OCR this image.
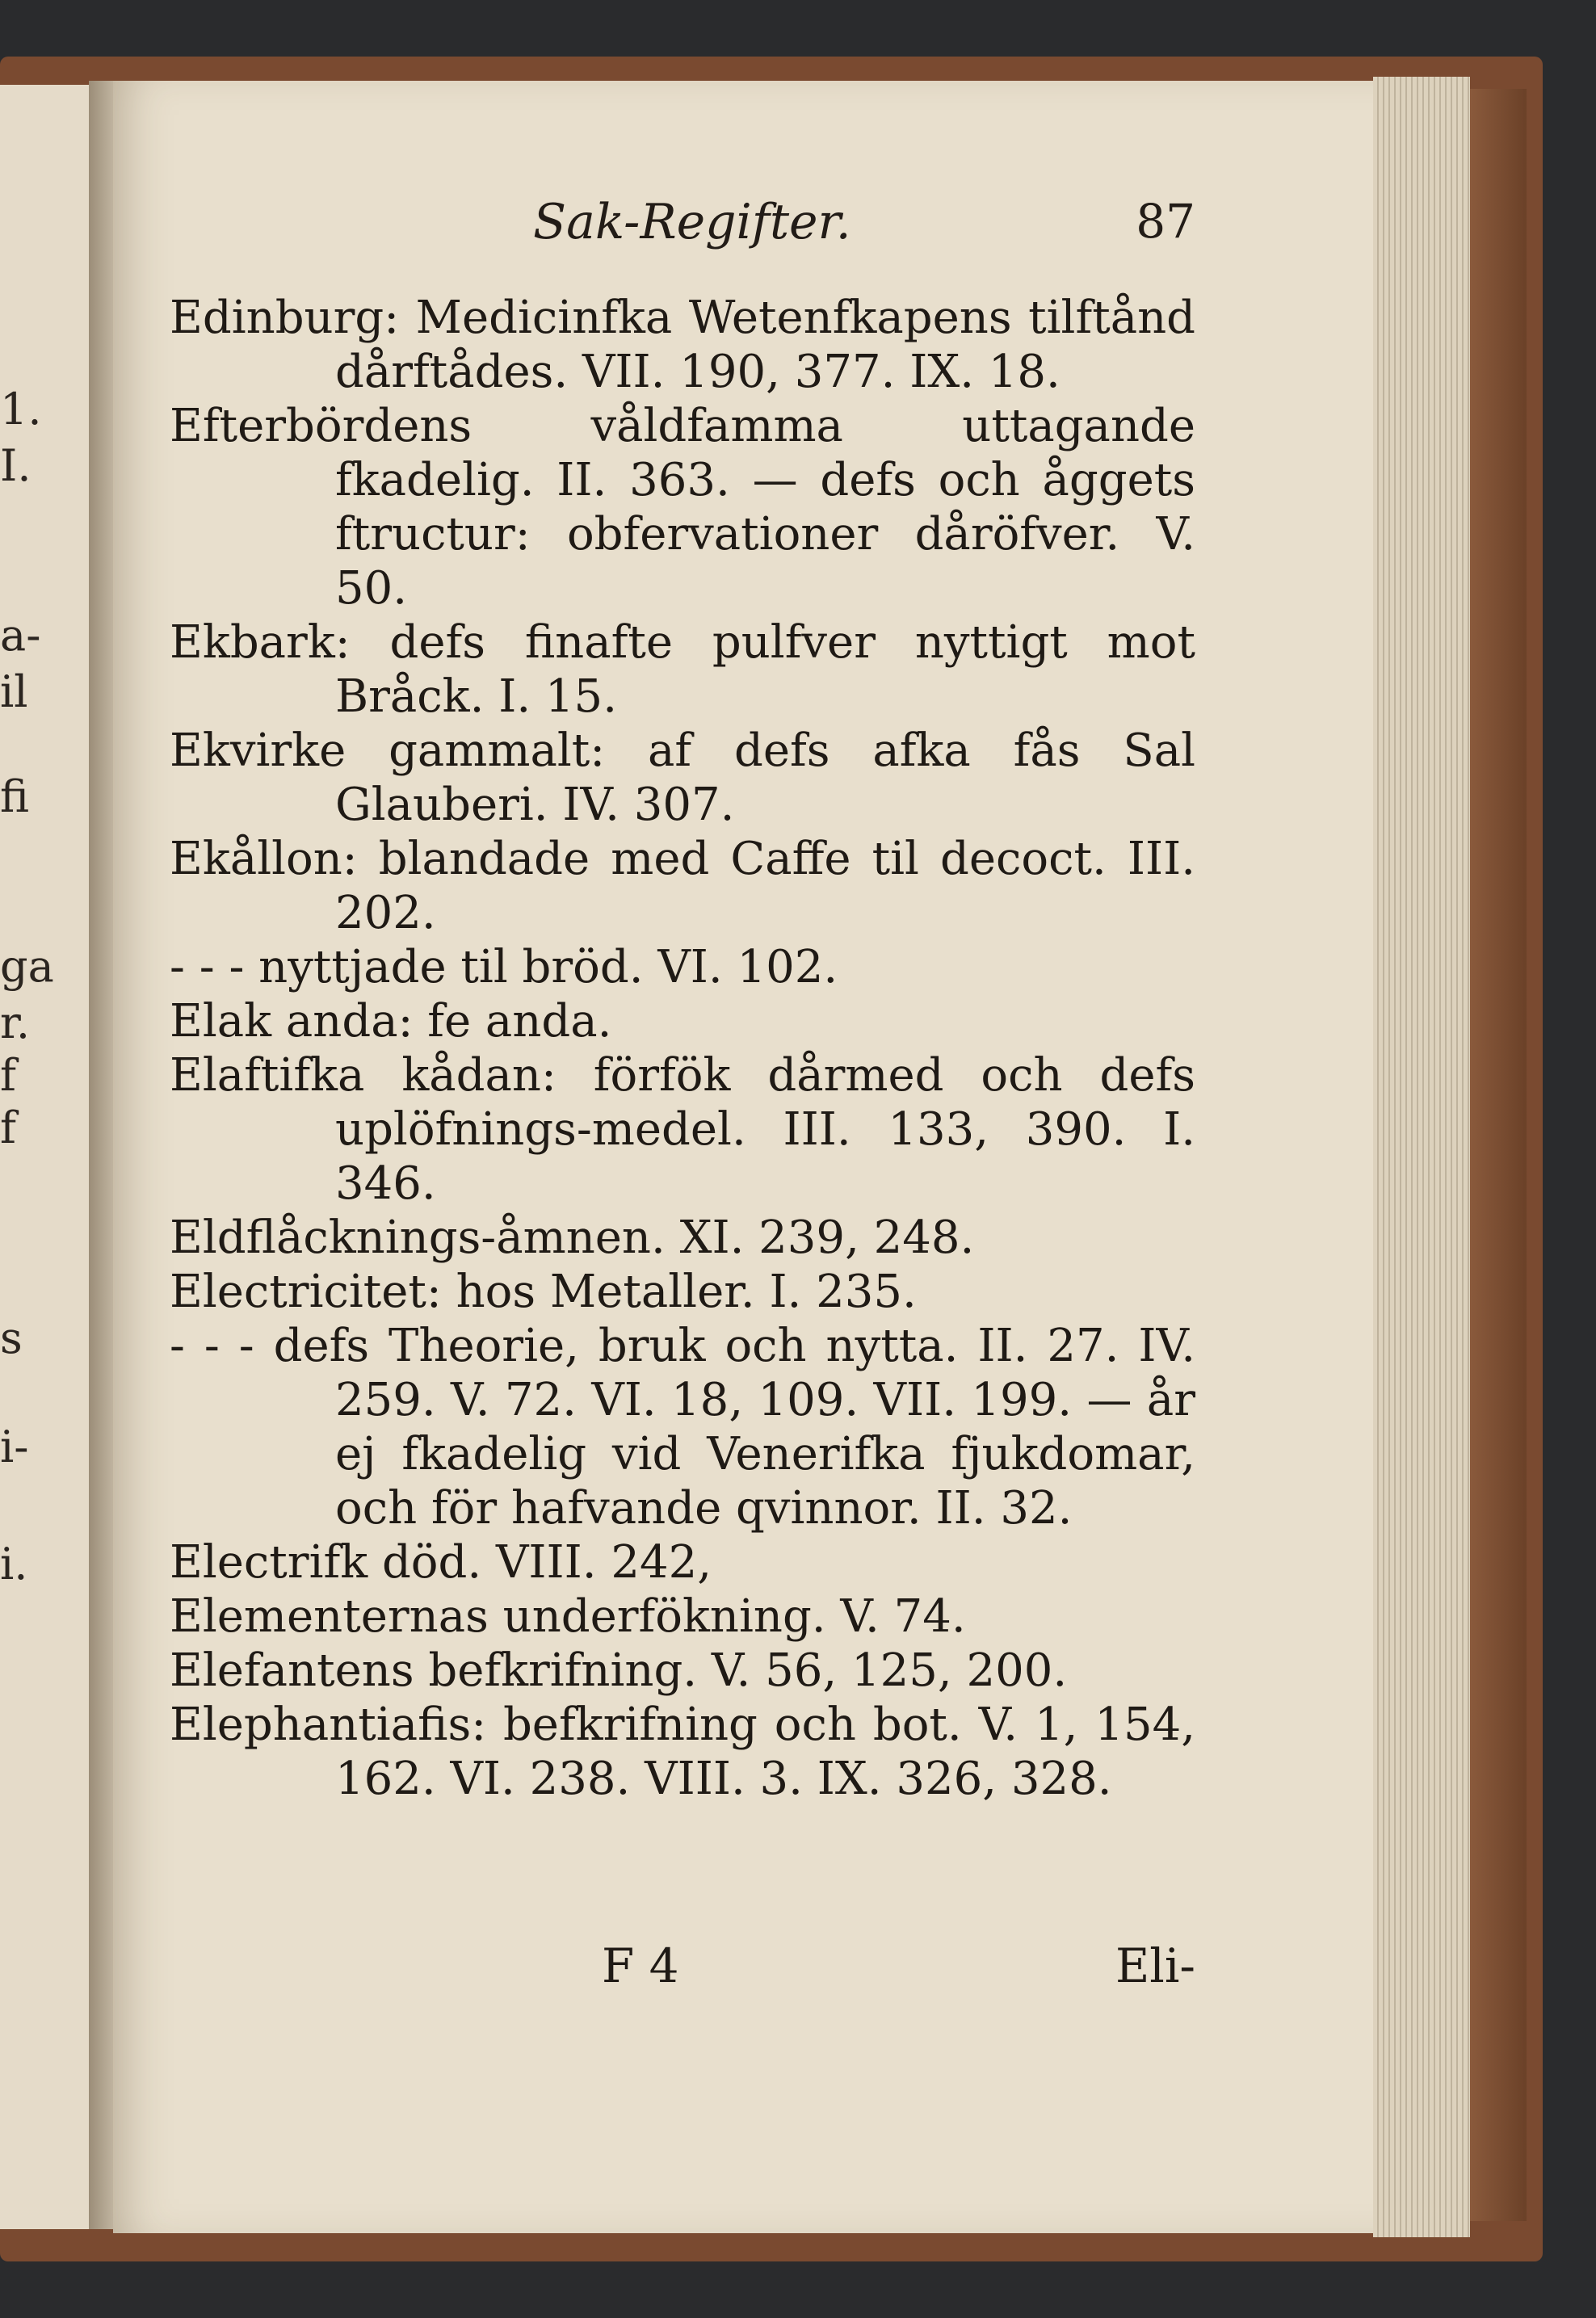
1.
I.
a-
il
fi
ga
r.
f
f
s
i-
i.
Sak-Regifter.	87
Edinburg: Medicinfka Wetenfkapens tilftånd dårftådes. VII. 190, 377. IX. 18.
Efterbördens våldfamma uttagande fkadelig. II. 363. — defs och åggets ftructur: obfervationer dåröfver. V. 50.
Ekbark: defs finafte pulfver nyttigt mot Bråck. I. 15.
Ekvirke gammalt: af defs afka fås Sal Glauberi. IV. 307.
Ekållon: blandade med Caffe til decoct. III. 202.
- - - nyttjade til bröd. VI. 102.
Elak anda: fe anda.
Elaftifka kådan: förfök dårmed och defs uplöfnings-medel. III. 133, 390. I. 346.
Eldflåcknings-åmnen. XI. 239, 248.
Electricitet: hos Metaller. I. 235.
- - - defs Theorie, bruk och nytta. II. 27. IV. 259. V. 72. VI. 18, 109. VII. 199. — år ej fkadelig vid Venerifka fjukdomar, och för hafvande qvinnor. II. 32.
Electrifk död. VIII. 242,
Elementernas underfökning. V. 74.
Elefantens befkrifning. V. 56, 125, 200.
Elephantiafis: befkrifning och bot. V. 1, 154, 162. VI. 238. VIII. 3. IX. 326, 328.
F 4	Eli-
